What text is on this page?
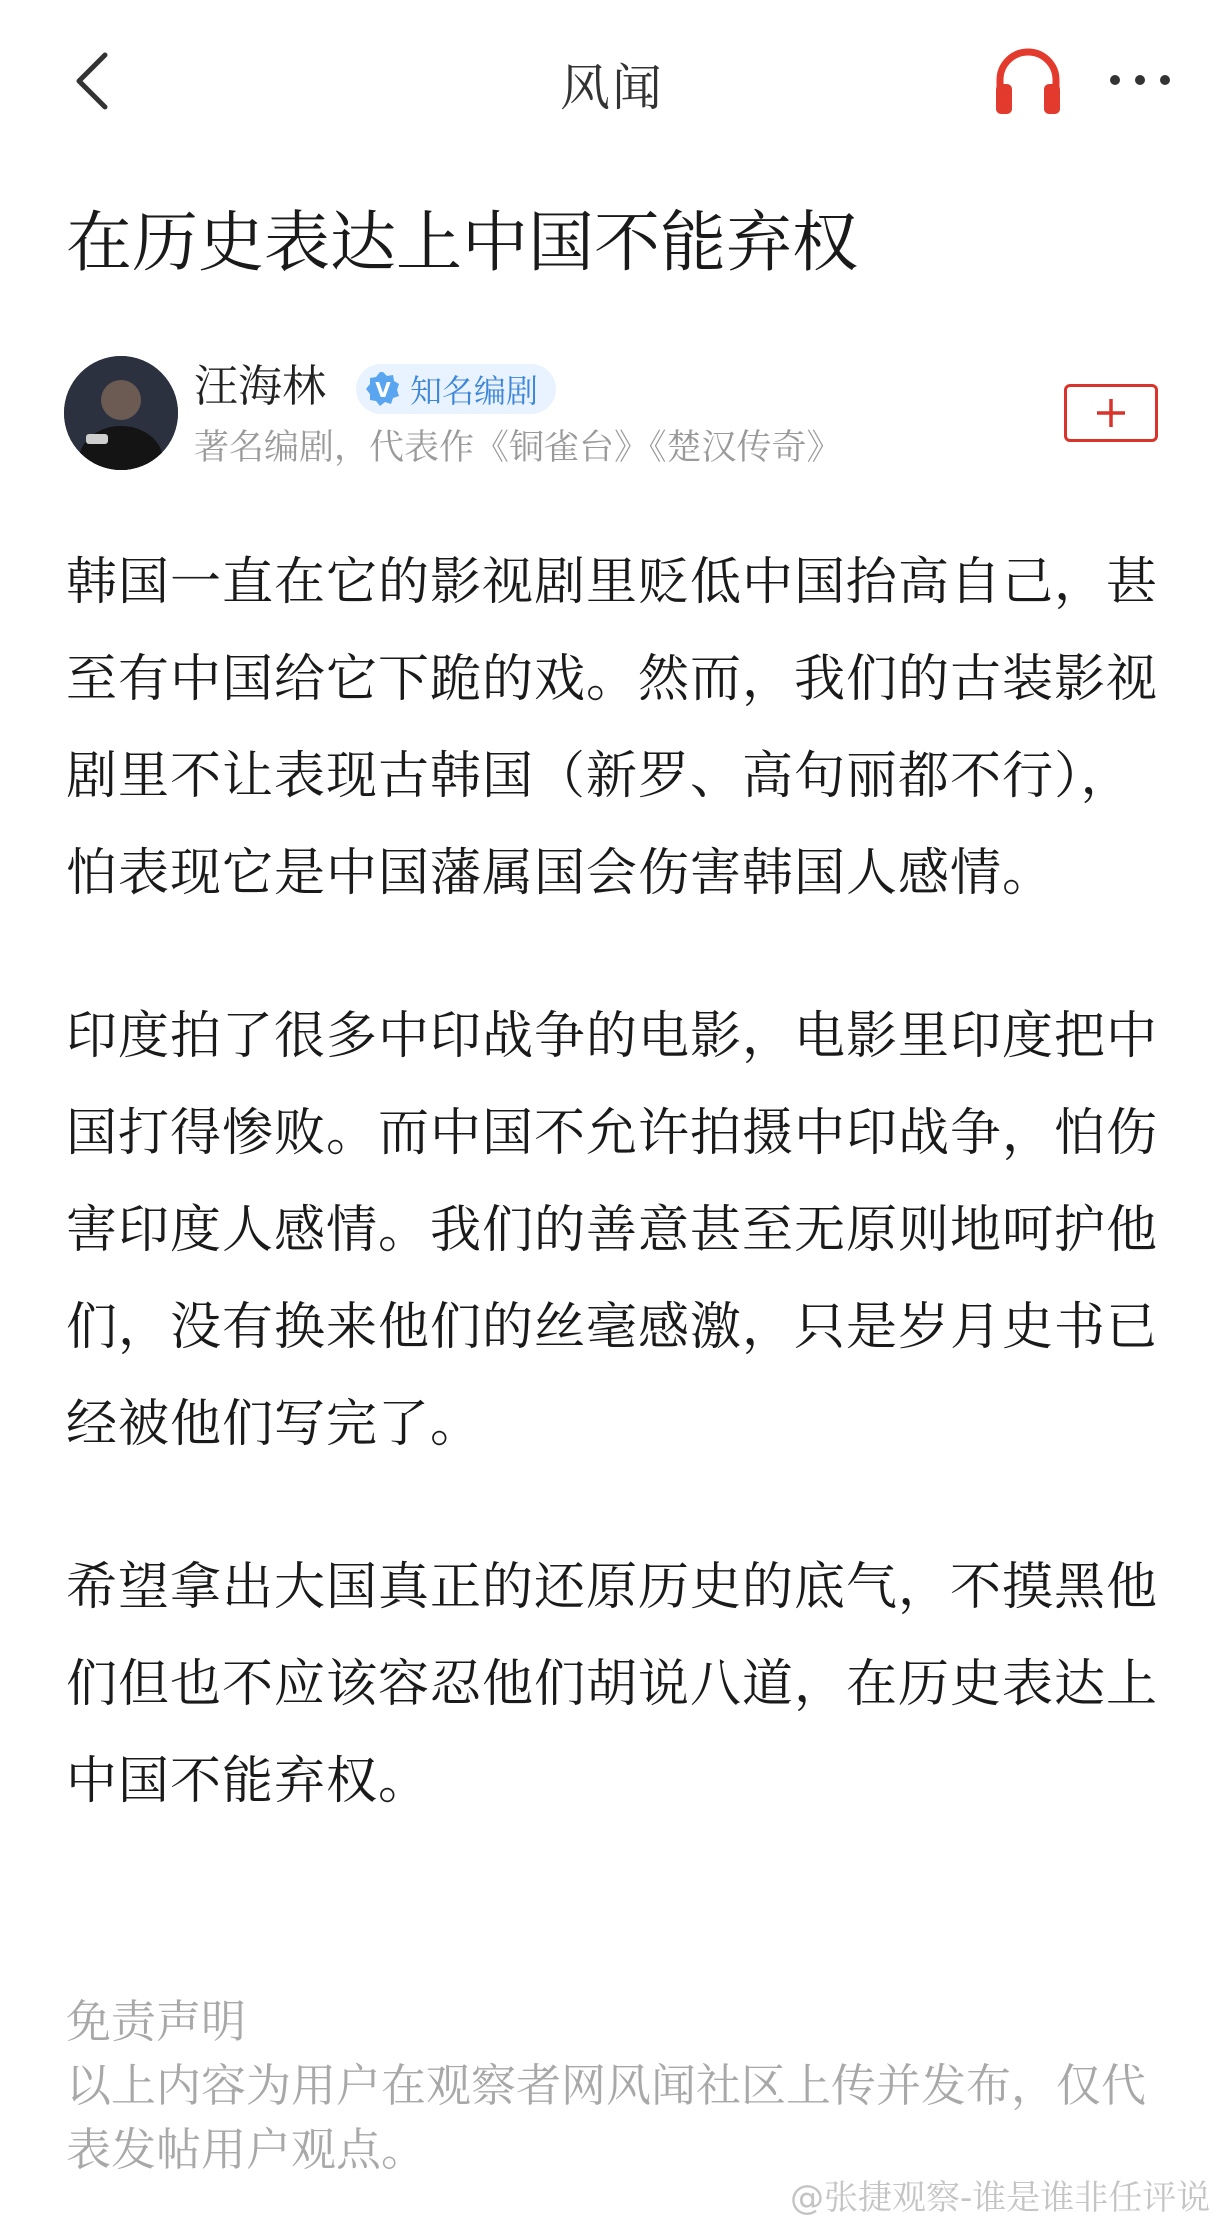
风闻
在历史表达上中国不能弃权
汪海林 V 知名编剧
著名编剧，代表作《铜雀台》《楚汉传奇》

韩国一直在它的影视剧里贬低中国抬高自己，甚至有中国给它下跪的戏。然而，我们的古装影视剧里不让表现古韩国（新罗、高句丽都不行），怕表现它是中国藩属国会伤害韩国人感情。

印度拍了很多中印战争的电影，电影里印度把中国打得惨败。而中国不允许拍摄中印战争，怕伤害印度人感情。我们的善意甚至无原则地呵护他们，没有换来他们的丝毫感激，只是岁月史书已经被他们写完了。

希望拿出大国真正的还原历史的底气，不摸黑他们但也不应该容忍他们胡说八道，在历史表达上中国不能弃权。

免责声明

以上内容为用户在观察者网风闻社区上传并发布，仅代表发帖用户观点。

@张捷观察-谁是谁非任评说
